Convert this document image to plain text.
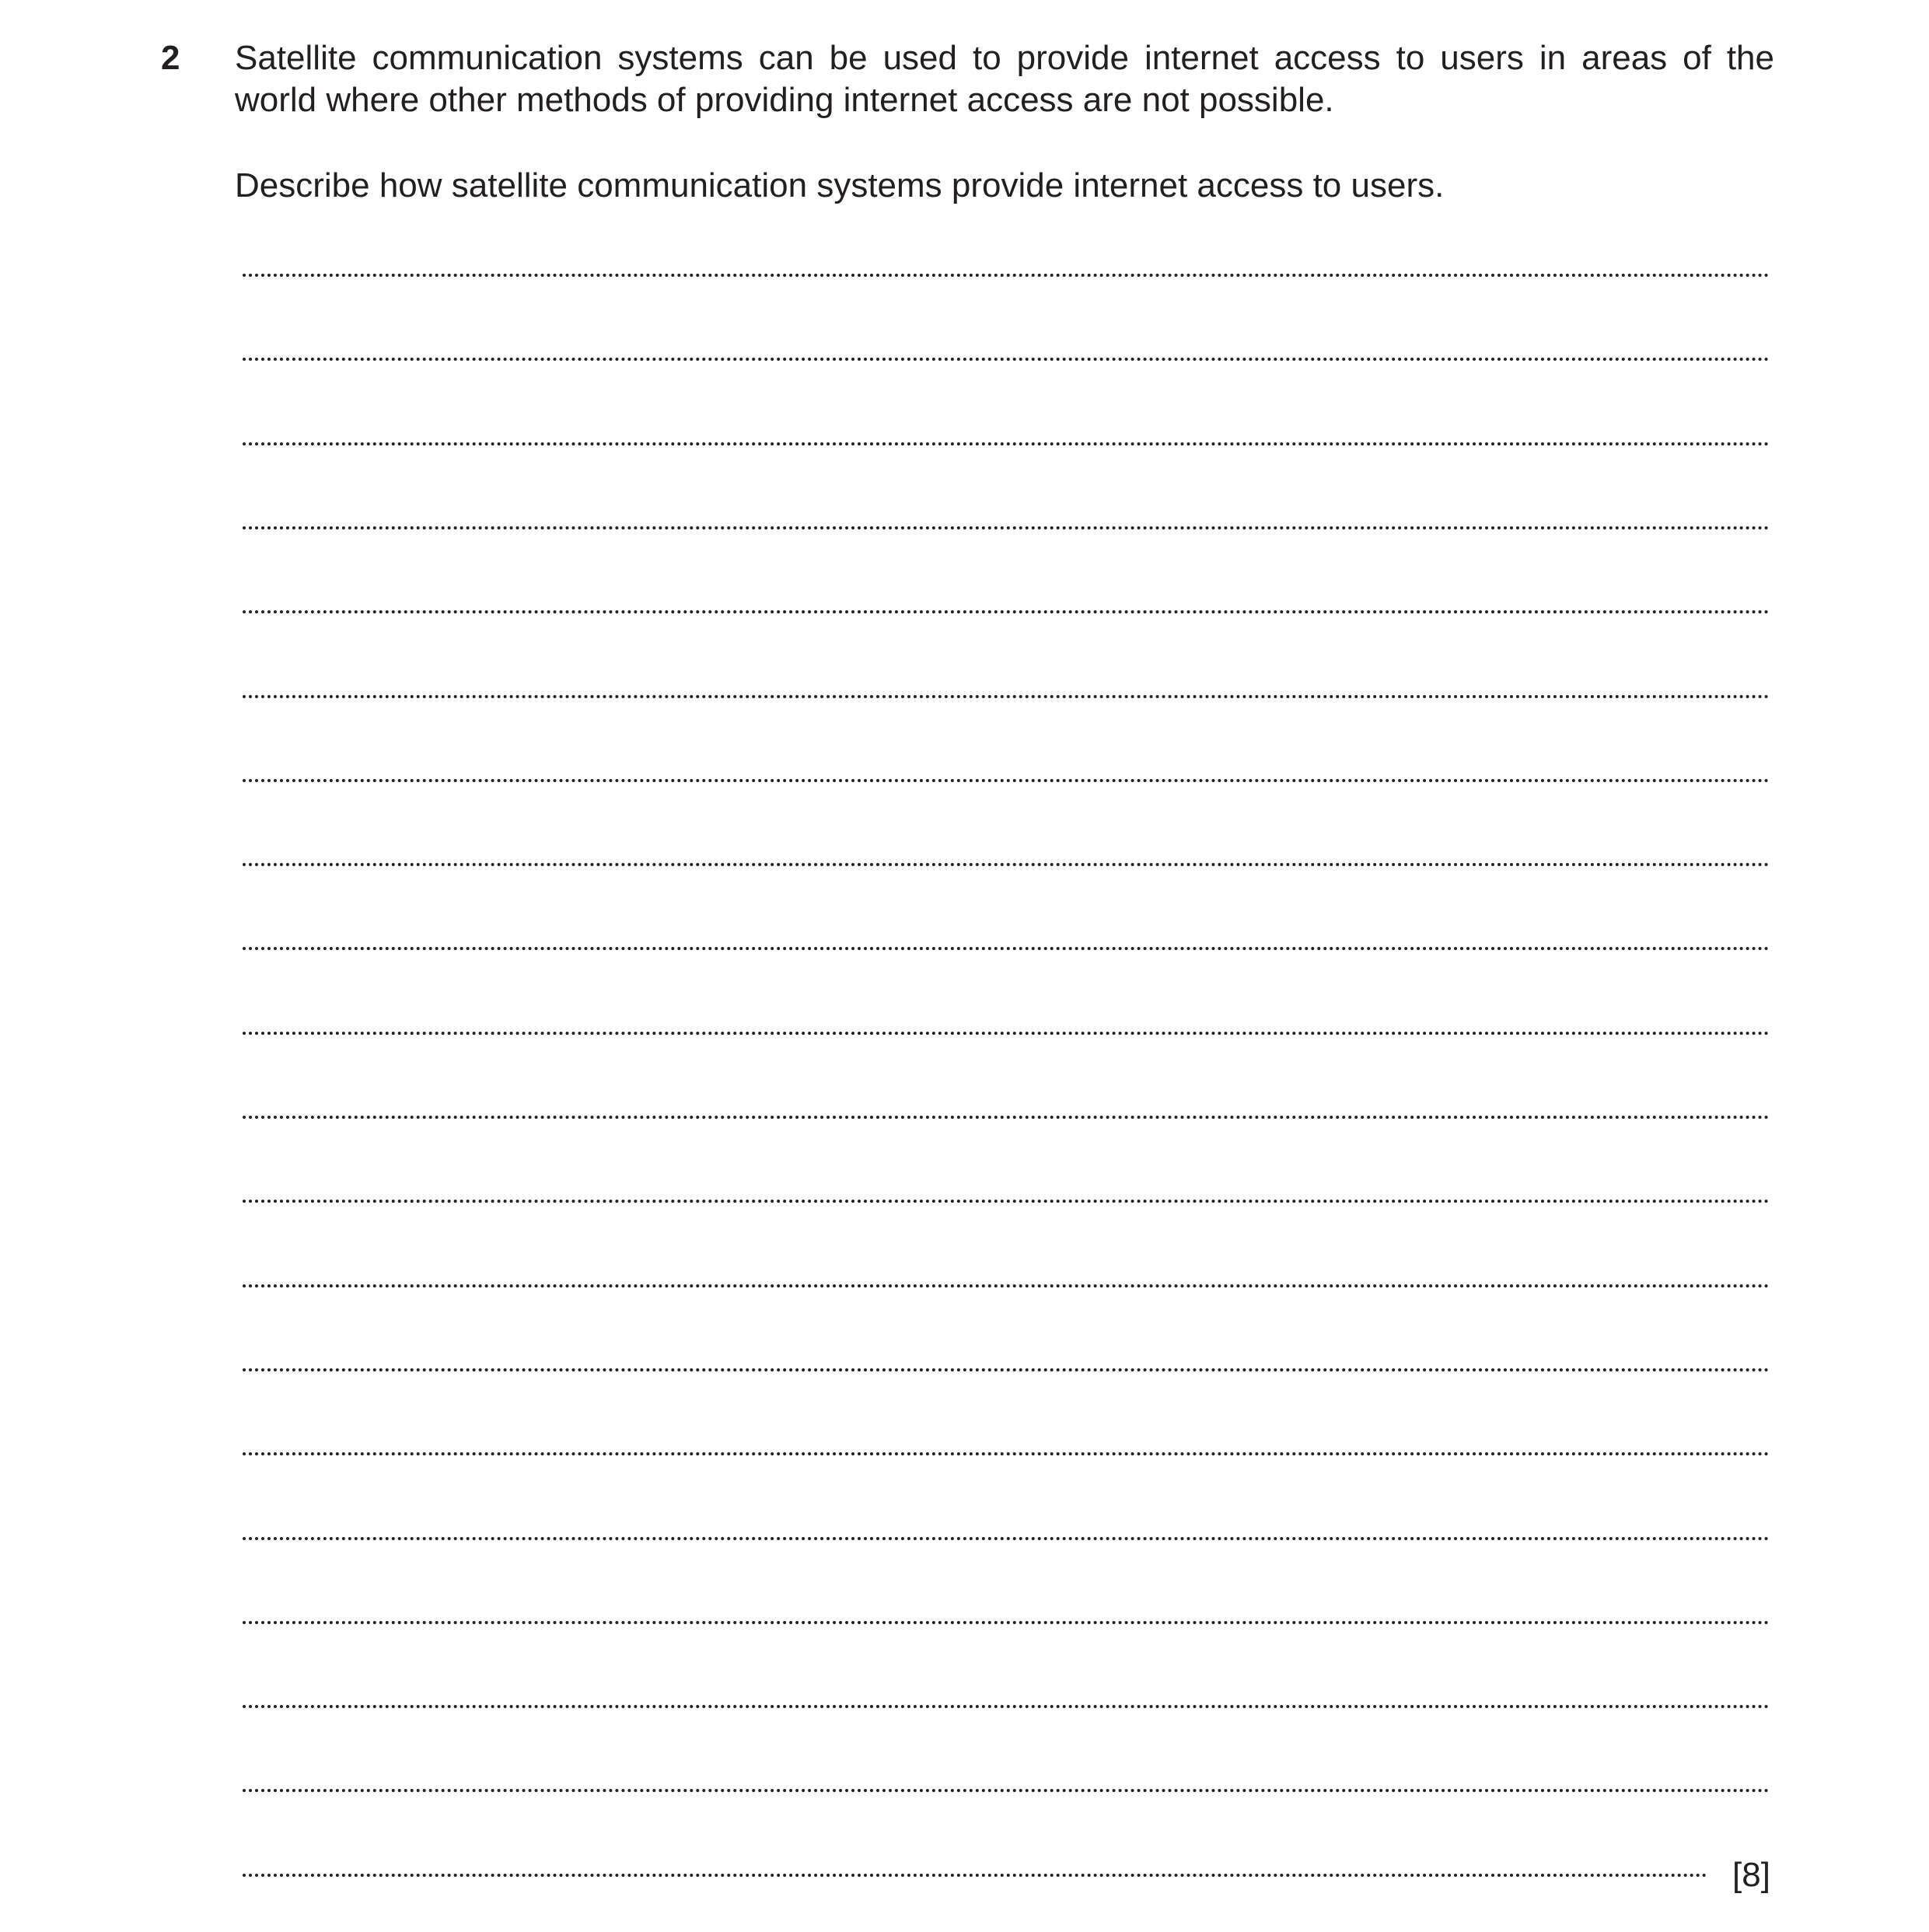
2 Satellite communication systems can be used to provide internet access to users in areas of the world where other methods of providing internet access are not possible.
Describe how satellite communication systems provide internet access to users.
[8]
